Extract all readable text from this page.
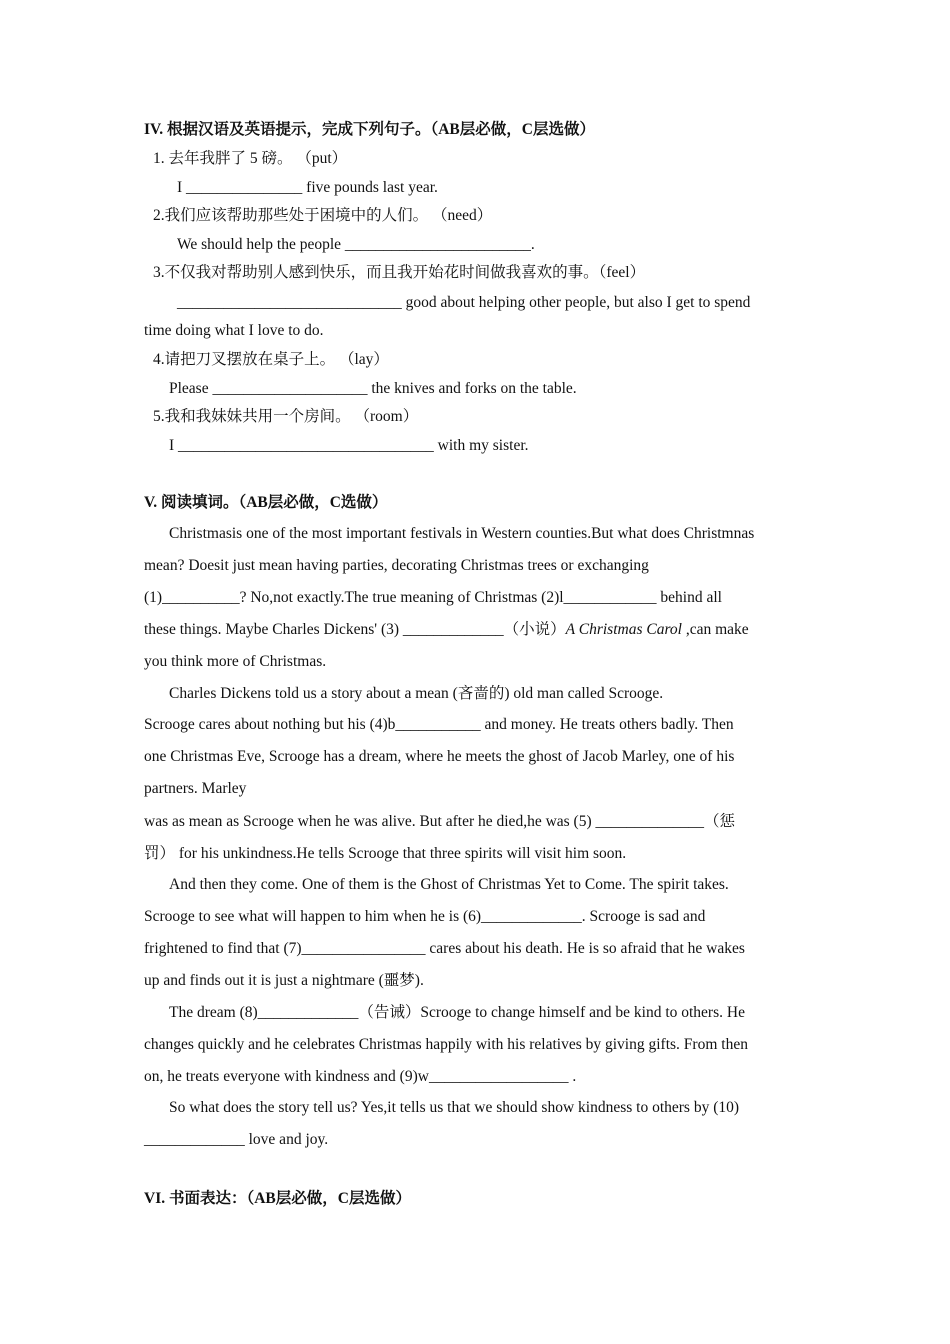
IV. 根据汉语及英语提示，完成下列句子。（AB层必做，C层选做）
1. 去年我胖了 5 磅。 （put）
I _______________ five pounds last year.
2.我们应该帮助那些处于困境中的人们。 （need）
We should help the people ________________________.
3.不仅我对帮助别人感到快乐，而且我开始花时间做我喜欢的事。（feel）
_____________________________ good about helping other people, but also I get to spend
time doing what I love to do.
4.请把刀叉摆放在桌子上。 （lay）
Please ____________________ the knives and forks on the table.
5.我和我妹妹共用一个房间。 （room）
I _________________________________ with my sister.
V. 阅读填词。（AB层必做，C选做）
Christmasis one of the most important festivals in Western counties.But what does Christmnas
mean? Doesit just mean having parties, decorating Christmas trees or exchanging
(1)__________? No,not exactly.The true meaning of Christmas (2)l____________ behind all
these things. Maybe Charles Dickens' (3) _____________（小说）A Christmas Carol ,can make
you think more of Christmas.
Charles Dickens told us a story about a mean (吝啬的) old man called Scrooge.
Scrooge cares about nothing but his (4)b___________ and money. He treats others badly. Then
one Christmas Eve, Scrooge has a dream, where he meets the ghost of Jacob Marley, one of his
partners. Marley
was as mean as Scrooge when he was alive. But after he died,he was (5) ______________（惩
罚） for his unkindness.He tells Scrooge that three spirits will visit him soon.
And then they come. One of them is the Ghost of Christmas Yet to Come. The spirit takes.
Scrooge to see what will happen to him when he is (6)_____________. Scrooge is sad and
frightened to find that (7)________________ cares about his death. He is so afraid that he wakes
up and finds out it is just a nightmare (噩梦).
The dream (8)_____________（告诫）Scrooge to change himself and be kind to others. He
changes quickly and he celebrates Christmas happily with his relatives by giving gifts. From then
on, he treats everyone with kindness and (9)w__________________ .
So what does the story tell us? Yes,it tells us that we should show kindness to others by (10)
_____________ love and joy.
VI. 书面表达：（AB层必做，C层选做）
